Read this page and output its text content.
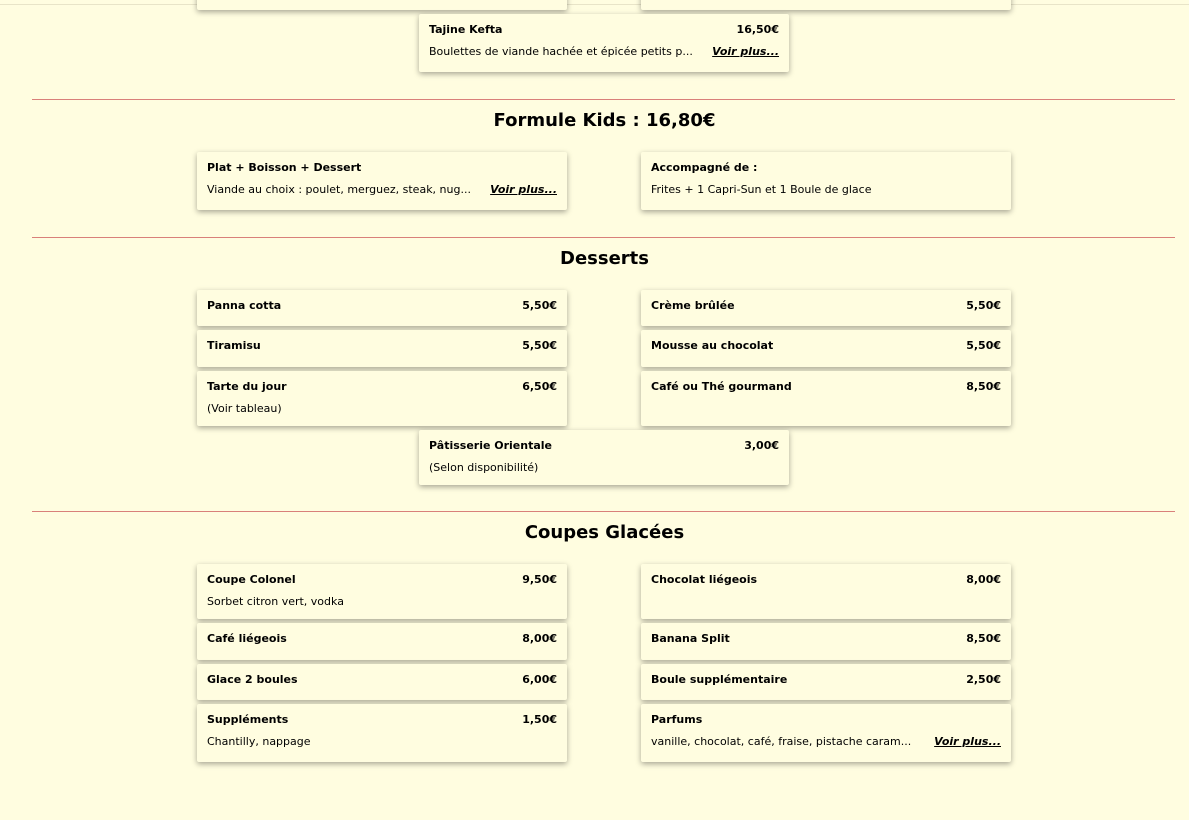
Tajine Kefta	16,50€
Boulettes de viande hachée et épicée petits p... Voir plus...
Formule Kids : 16,80€
Plat + Boisson + Dessert
Viande au choix : poulet, merguez, steak, nug... Voir plus...
Accompagné de :
Frites + 1 Capri-Sun et 1 Boule de glace
Desserts
Panna cotta	5,50€	Crème brûlée	5,50€
Tiramisu	5,50€	Mousse au chocolat	5,50€
Tarte du jour	6,50€
(Voir tableau)
Café ou Thé gourmand	8,50€
Pâtisserie Orientale	3,00€
(Selon disponibilité)
Coupes Glacées
Coupe Colonel	9,50€
Sorbet citron vert, vodka
Chocolat liégeois	8,00€
Café liégeois	8,00€	Banana Split	8,50€
Glace 2 boules	6,00€	Boule supplémentaire	2,50€
Suppléments	1,50€
Chantilly, nappage
Parfums
vanille, chocolat, café, fraise, pistache caram... Voir plus...
